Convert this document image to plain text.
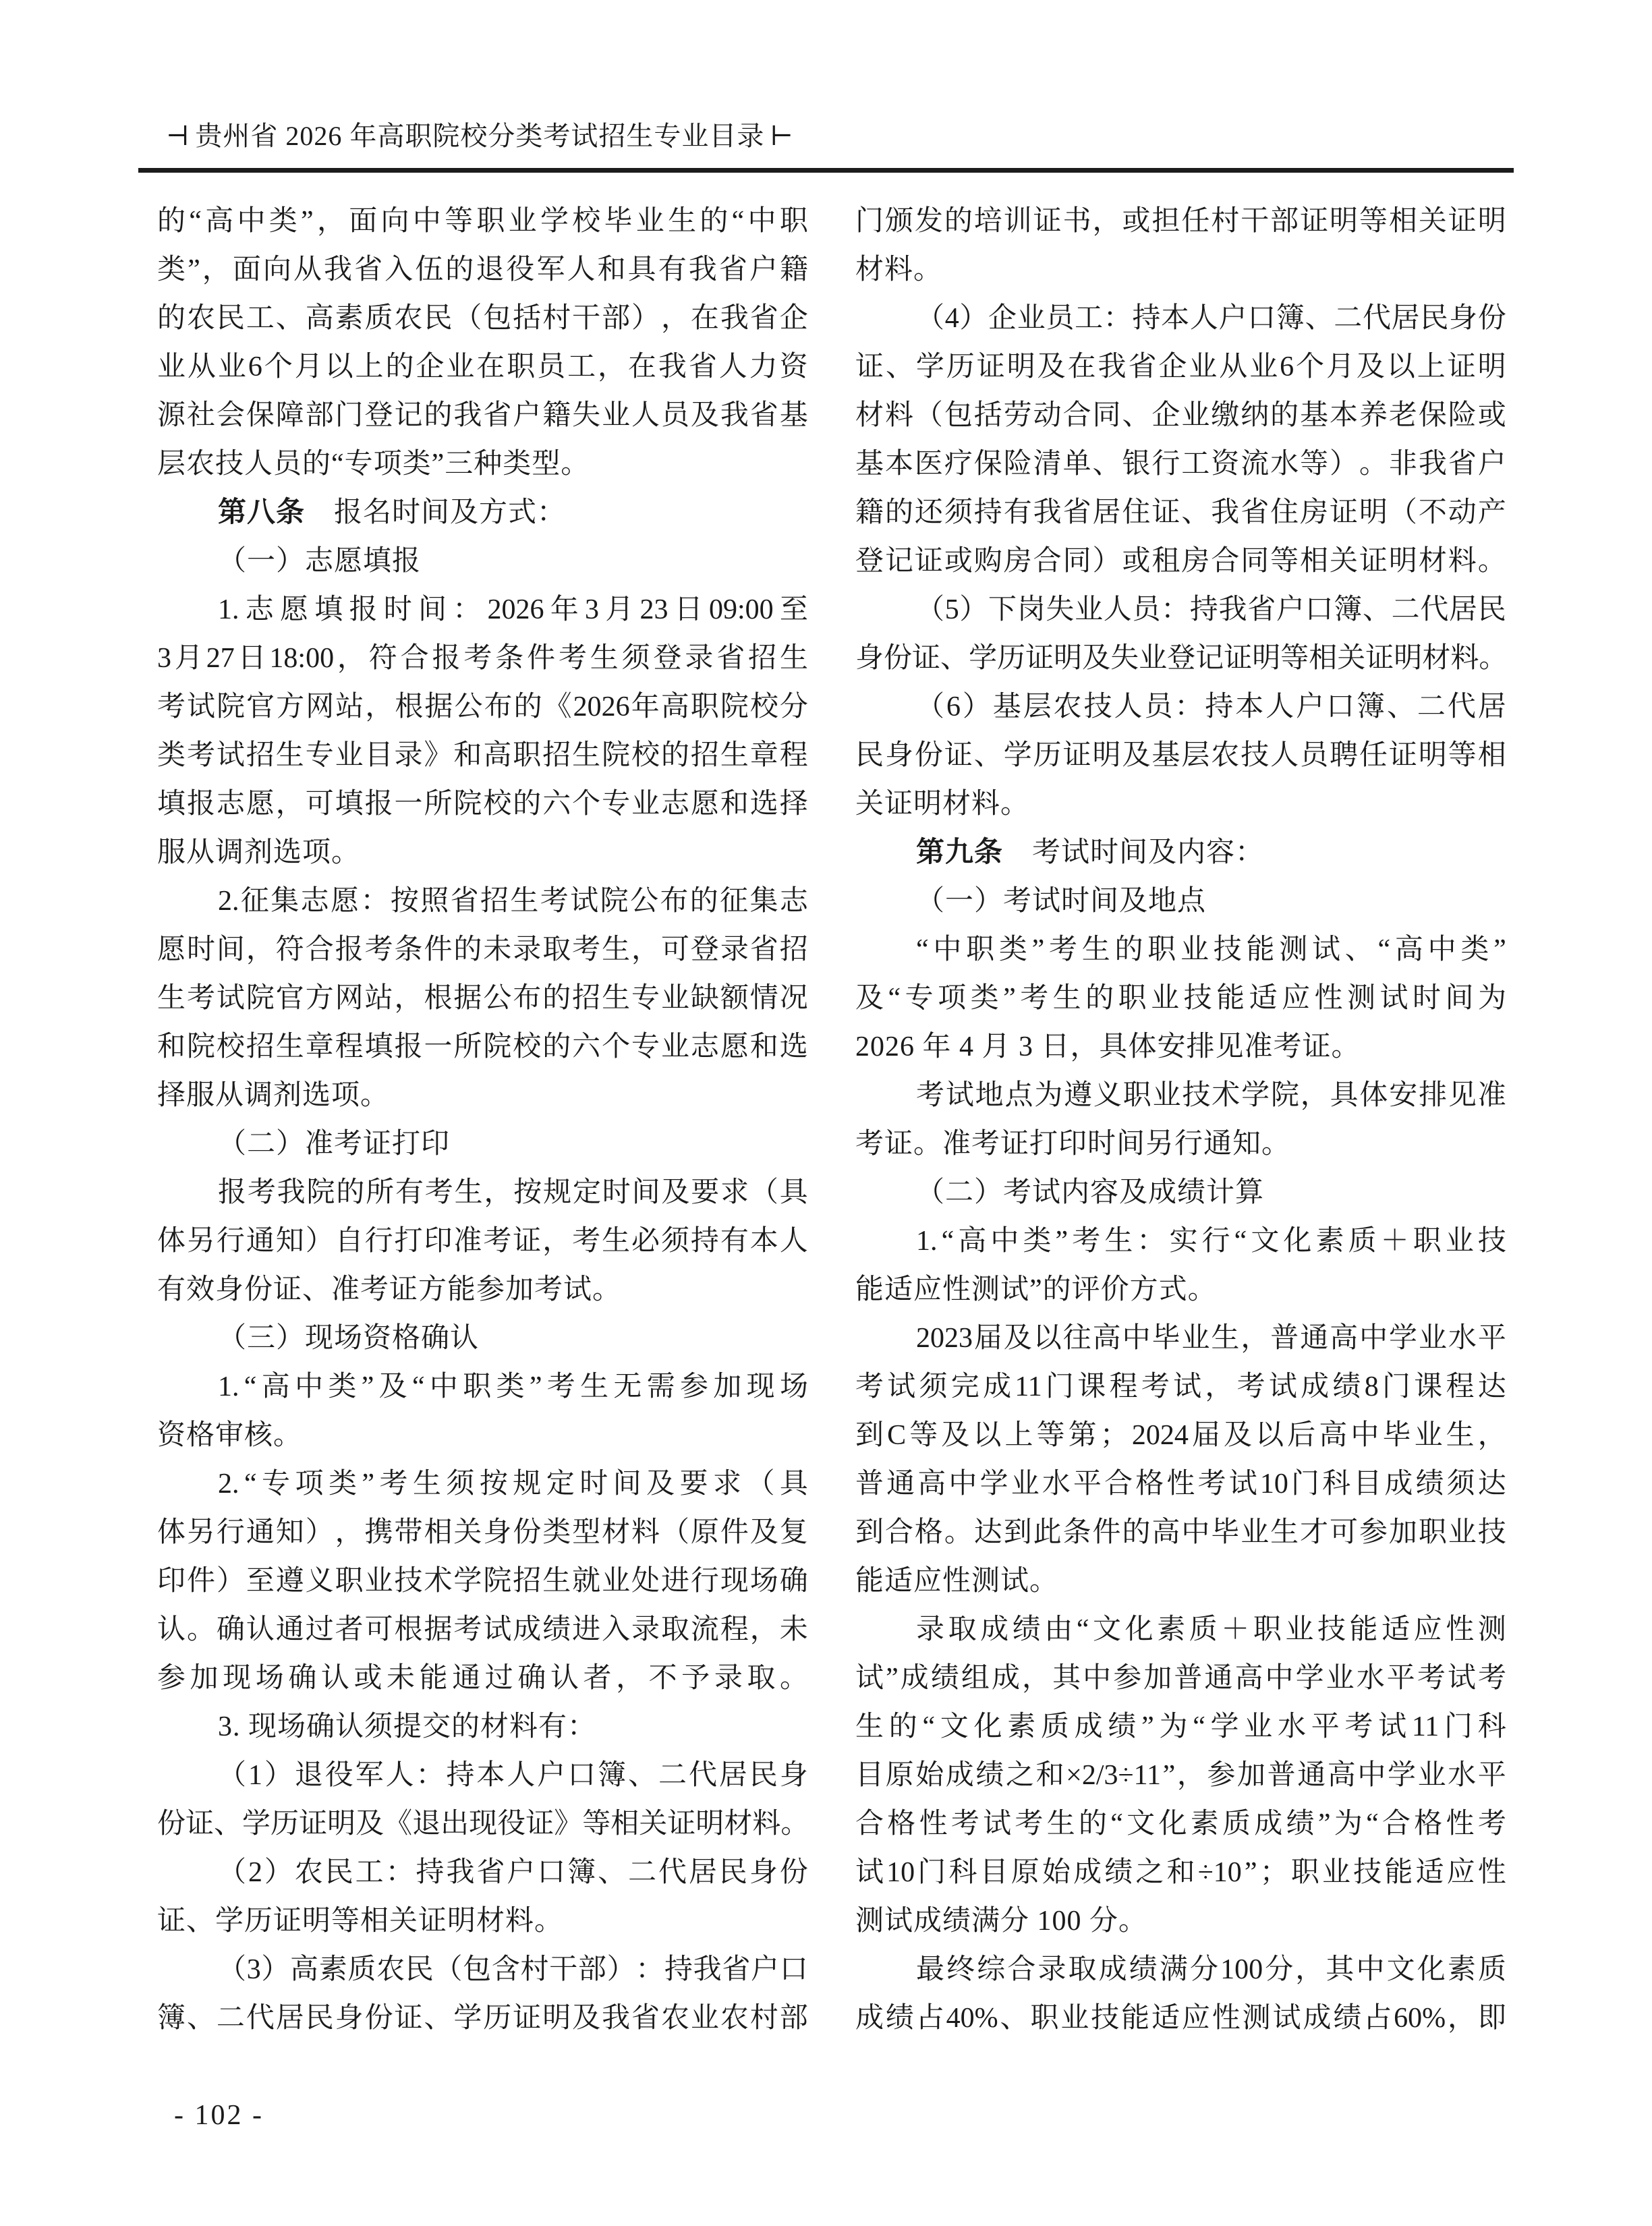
⊣ 贵州省 2026 年高职院校分类考试招生专业目录 ⊢
的 “ 高 中 类 ” ， 面 向 中 等 职 业 学 校 毕 业 生 的 “ 中 职
类 ” ， 面 向 从 我 省 入 伍 的 退 役 军 人 和 具 有 我 省 户 籍
的 农 民 工 、 高 素 质 农 民 （ 包 括 村 干 部 ） ， 在 我 省 企
业 从 业 6 个 月 以 上 的 企 业 在 职 员 工 ， 在 我 省 人 力 资
源 社 会 保 障 部 门 登 记 的 我 省 户 籍 失 业 人 员 及 我 省 基
层农技人员的“专项类”三种类型。
第八条　报名时间及方式：
（一）志愿填报
1. 志 愿 填 报 时 间 ： 2026 年 3 月 23 日 09:00 至
3 月 27 日 18:00 ， 符 合 报 考 条 件 考 生 须 登 录 省 招 生
考 试 院 官 方 网 站 ， 根 据 公 布 的 《 2026 年 高 职 院 校 分
类 考 试 招 生 专 业 目 录 》 和 高 职 招 生 院 校 的 招 生 章 程
填 报 志 愿 ， 可 填 报 一 所 院 校 的 六 个 专 业 志 愿 和 选 择
服从调剂选项。
2. 征 集 志 愿 ： 按 照 省 招 生 考 试 院 公 布 的 征 集 志
愿 时 间 ， 符 合 报 考 条 件 的 未 录 取 考 生 ， 可 登 录 省 招
生 考 试 院 官 方 网 站 ， 根 据 公 布 的 招 生 专 业 缺 额 情 况
和 院 校 招 生 章 程 填 报 一 所 院 校 的 六 个 专 业 志 愿 和 选
择服从调剂选项。
（二）准考证打印
报 考 我 院 的 所 有 考 生 ， 按 规 定 时 间 及 要 求 （ 具
体 另 行 通 知 ） 自 行 打 印 准 考 证 ， 考 生 必 须 持 有 本 人
有效身份证、准考证方能参加考试。
（三）现场资格确认
1. “ 高 中 类 ” 及 “ 中 职 类 ” 考 生 无 需 参 加 现 场
资格审核。
2. “ 专 项 类 ” 考 生 须 按 规 定 时 间 及 要 求 （ 具
体 另 行 通 知 ） ， 携 带 相 关 身 份 类 型 材 料 （ 原 件 及 复
印 件 ） 至 遵 义 职 业 技 术 学 院 招 生 就 业 处 进 行 现 场 确
认 。 确 认 通 过 者 可 根 据 考 试 成 绩 进 入 录 取 流 程 ， 未
参 加 现 场 确 认 或 未 能 通 过 确 认 者 ， 不 予 录 取 。
3. 现场确认须提交的材料有：
（ 1 ） 退 役 军 人 ： 持 本 人 户 口 簿 、 二 代 居 民 身
份 证 、 学 历 证 明 及 《 退 出 现 役 证 》 等 相 关 证 明 材 料 。
（ 2 ） 农 民 工 ： 持 我 省 户 口 簿 、 二 代 居 民 身 份
证、学历证明等相关证明材料。
（ 3 ） 高 素 质 农 民 （ 包 含 村 干 部 ） ： 持 我 省 户 口
簿 、 二 代 居 民 身 份 证 、 学 历 证 明 及 我 省 农 业 农 村 部
门 颁 发 的 培 训 证 书 ， 或 担 任 村 干 部 证 明 等 相 关 证 明
材料。
（ 4 ） 企 业 员 工 ： 持 本 人 户 口 簿 、 二 代 居 民 身 份
证 、 学 历 证 明 及 在 我 省 企 业 从 业 6 个 月 及 以 上 证 明
材 料 （ 包 括 劳 动 合 同 、 企 业 缴 纳 的 基 本 养 老 保 险 或
基 本 医 疗 保 险 清 单 、 银 行 工 资 流 水 等 ） 。 非 我 省 户
籍 的 还 须 持 有 我 省 居 住 证 、 我 省 住 房 证 明 （ 不 动 产
登 记 证 或 购 房 合 同 ） 或 租 房 合 同 等 相 关 证 明 材 料 。
（ 5 ） 下 岗 失 业 人 员 ： 持 我 省 户 口 簿 、 二 代 居 民
身 份 证 、 学 历 证 明 及 失 业 登 记 证 明 等 相 关 证 明 材 料 。
（ 6 ） 基 层 农 技 人 员 ： 持 本 人 户 口 簿 、 二 代 居
民 身 份 证 、 学 历 证 明 及 基 层 农 技 人 员 聘 任 证 明 等 相
关证明材料。
第九条　考试时间及内容：
（一）考试时间及地点
“ 中 职 类 ” 考 生 的 职 业 技 能 测 试 、 “ 高 中 类 ”
及 “ 专 项 类 ” 考 生 的 职 业 技 能 适 应 性 测 试 时 间 为
2026 年 4 月 3 日，具体安排见准考证。
考 试 地 点 为 遵 义 职 业 技 术 学 院 ， 具 体 安 排 见 准
考证。准考证打印时间另行通知。
（二）考试内容及成绩计算
1. “ 高 中 类 ” 考 生 ： 实 行 “ 文 化 素 质 ＋ 职 业 技
能适应性测试”的评价方式。
2023 届 及 以 往 高 中 毕 业 生 ， 普 通 高 中 学 业 水 平
考 试 须 完 成 11 门 课 程 考 试 ， 考 试 成 绩 8 门 课 程 达
到 C 等 及 以 上 等 第 ； 2024 届 及 以 后 高 中 毕 业 生 ，
普 通 高 中 学 业 水 平 合 格 性 考 试 10 门 科 目 成 绩 须 达
到 合 格 。 达 到 此 条 件 的 高 中 毕 业 生 才 可 参 加 职 业 技
能适应性测试。
录 取 成 绩 由 “ 文 化 素 质 ＋ 职 业 技 能 适 应 性 测
试 ” 成 绩 组 成 ， 其 中 参 加 普 通 高 中 学 业 水 平 考 试 考
生 的 “ 文 化 素 质 成 绩 ” 为 “ 学 业 水 平 考 试 11 门 科
目 原 始 成 绩 之 和 ×2/3÷11 ” ， 参 加 普 通 高 中 学 业 水 平
合 格 性 考 试 考 生 的 “ 文 化 素 质 成 绩 ” 为 “ 合 格 性 考
试 10 门 科 目 原 始 成 绩 之 和 ÷10 ” ； 职 业 技 能 适 应 性
测试成绩满分 100 分。
最 终 综 合 录 取 成 绩 满 分 100 分 ， 其 中 文 化 素 质
成 绩 占 40% 、 职 业 技 能 适 应 性 测 试 成 绩 占 60% ， 即
- 102 -
